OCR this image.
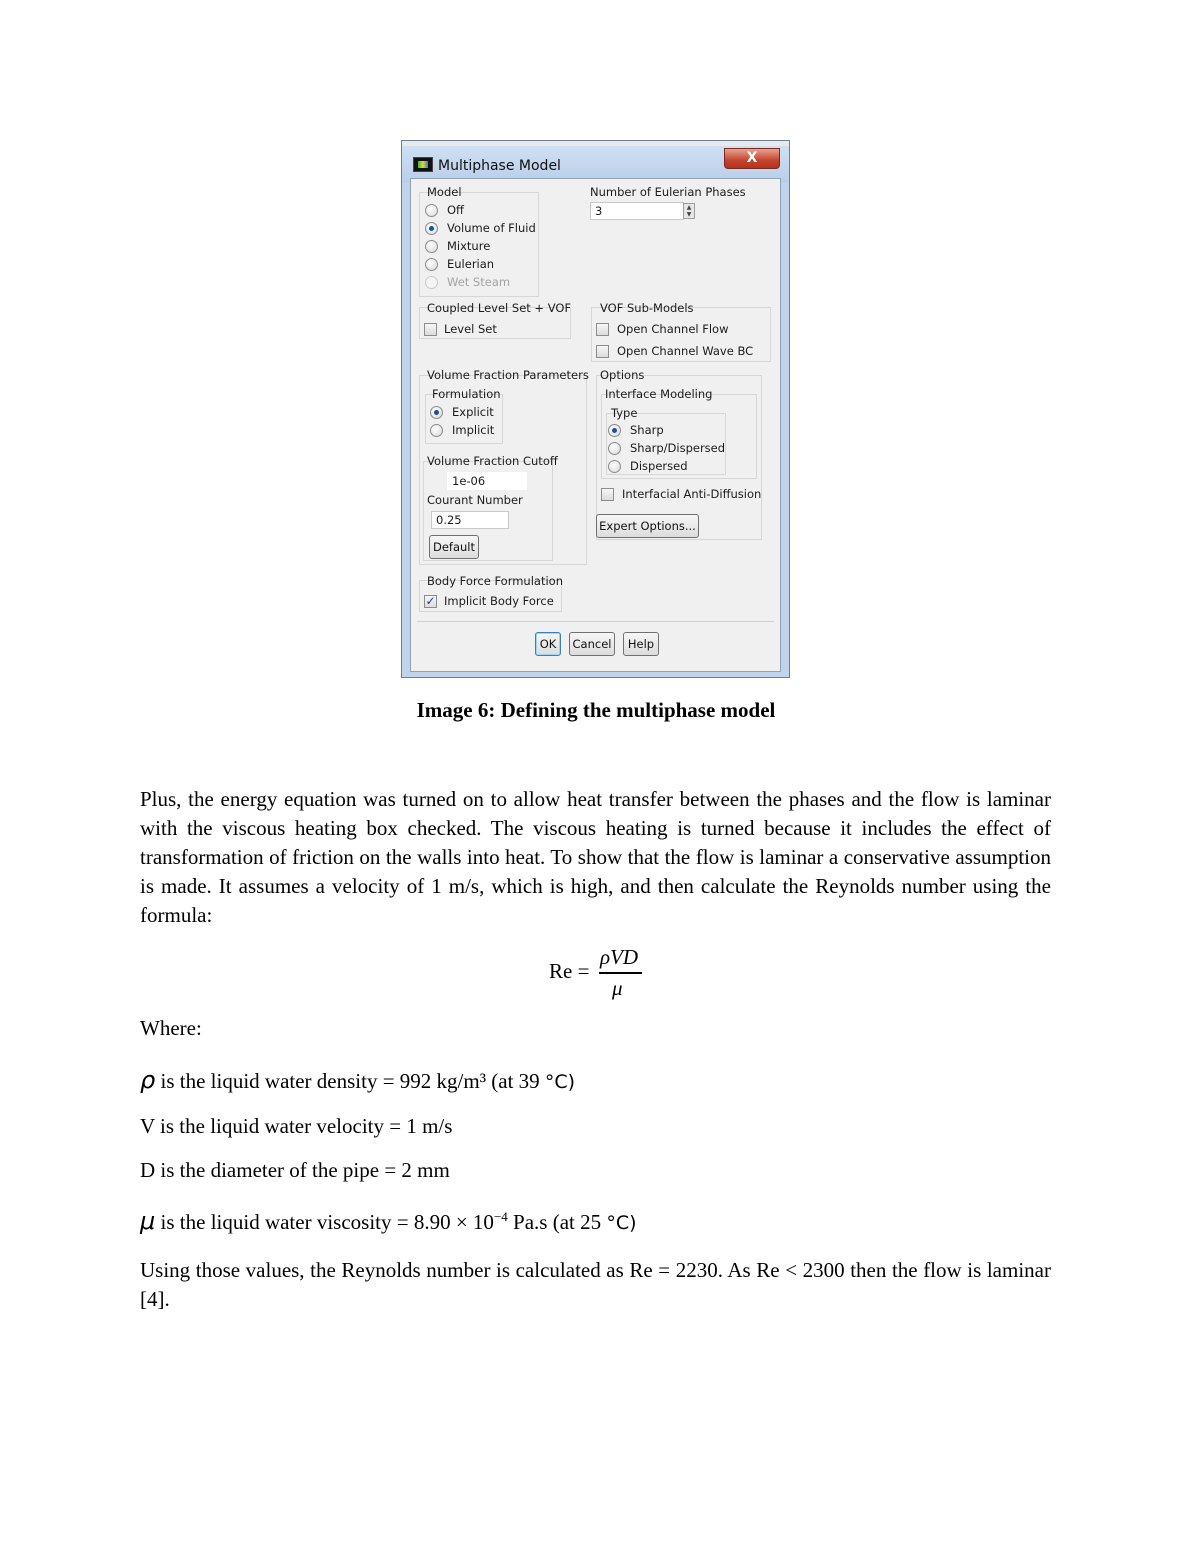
Multiphase Model	X
Model
Off
Volume of Fluid
Mixture
Eulerian
Wet Steam
Number of Eulerian Phases
3	▲
▼
Coupled Level Set + VOF
Level Set
VOF Sub-Models
Open Channel Flow
Open Channel Wave BC
Volume Fraction Parameters
Formulation
Explicit
Implicit
Volume Fraction Cutoff
1e-06
Courant Number
0.25
Default
Options
Interface Modeling
Type
Sharp
Sharp/Dispersed
Dispersed
Interfacial Anti-Diffusion
Expert Options...
Body Force Formulation
✓ Implicit Body Force
OK	Cancel	Help
Image 6: Defining the multiphase model
Plus, the energy equation was turned on to allow heat transfer between the phases and the flow is laminar with the viscous heating box checked. The viscous heating is turned because it includes the effect of transformation of friction on the walls into heat. To show that the flow is laminar a conservative assumption is made. It assumes a velocity of 1 m/s, which is high, and then calculate the Reynolds number using the formula:
Re =
ρVD
μ
Where:
ρ is the liquid water density = 992 kg/m³ (at 39 °C)
V is the liquid water velocity = 1 m/s
D is the diameter of the pipe = 2 mm
μ is the liquid water viscosity = $8.90 \times 10^{-4}$ Pa.s (at 25 °C)
Using those values, the Reynolds number is calculated as Re = 2230. As Re < 2300 then the flow is laminar [4].
